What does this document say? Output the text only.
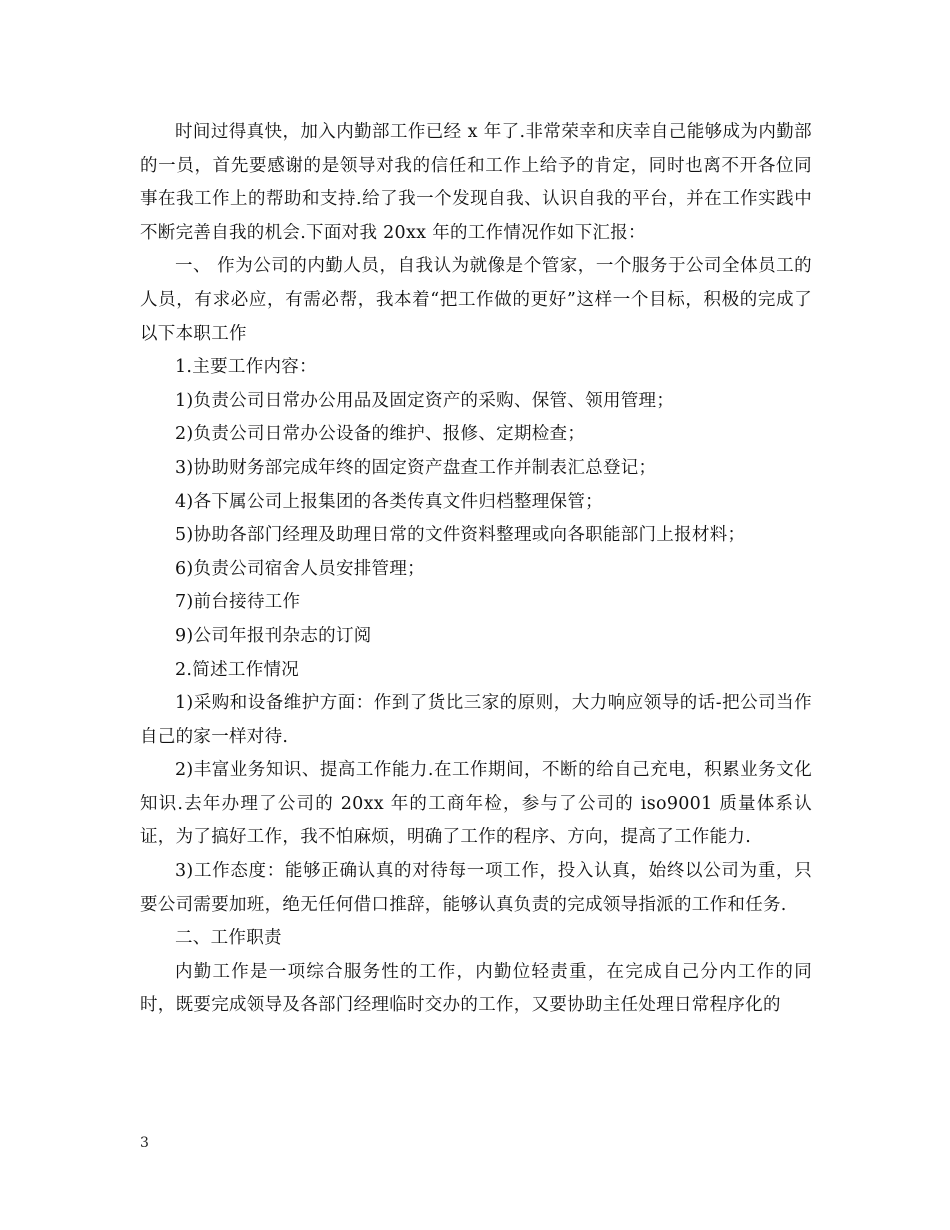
时间过得真快，加入内勤部工作已经 x 年了.非常荣幸和庆幸自己能够成为内勤部的一员，首先要感谢的是领导对我的信任和工作上给予的肯定，同时也离不开各位同事在我工作上的帮助和支持.给了我一个发现自我、认识自我的平台，并在工作实践中不断完善自我的机会.下面对我 20xx 年的工作情况作如下汇报：

一、 作为公司的内勤人员，自我认为就像是个管家，一个服务于公司全体员工的人员，有求必应，有需必帮，我本着“把工作做的更好”这样一个目标，积极的完成了以下本职工作

1.主要工作内容：

1)负责公司日常办公用品及固定资产的采购、保管、领用管理；

2)负责公司日常办公设备的维护、报修、定期检查；

3)协助财务部完成年终的固定资产盘查工作并制表汇总登记；

4)各下属公司上报集团的各类传真文件归档整理保管；

5)协助各部门经理及助理日常的文件资料整理或向各职能部门上报材料；

6)负责公司宿舍人员安排管理；

7)前台接待工作

9)公司年报刊杂志的订阅

2.简述工作情况

1)采购和设备维护方面：作到了货比三家的原则，大力响应领导的话-把公司当作自己的家一样对待.

2)丰富业务知识、提高工作能力.在工作期间，不断的给自己充电，积累业务文化知识.去年办理了公司的 20xx 年的工商年检，参与了公司的 iso9001 质量体系认证，为了搞好工作，我不怕麻烦，明确了工作的程序、方向，提高了工作能力.

3)工作态度：能够正确认真的对待每一项工作，投入认真，始终以公司为重，只要公司需要加班，绝无任何借口推辞，能够认真负责的完成领导指派的工作和任务.

二、工作职责

内勤工作是一项综合服务性的工作，内勤位轻责重，在完成自己分内工作的同时，既要完成领导及各部门经理临时交办的工作，又要协助主任处理日常程序化的

3
